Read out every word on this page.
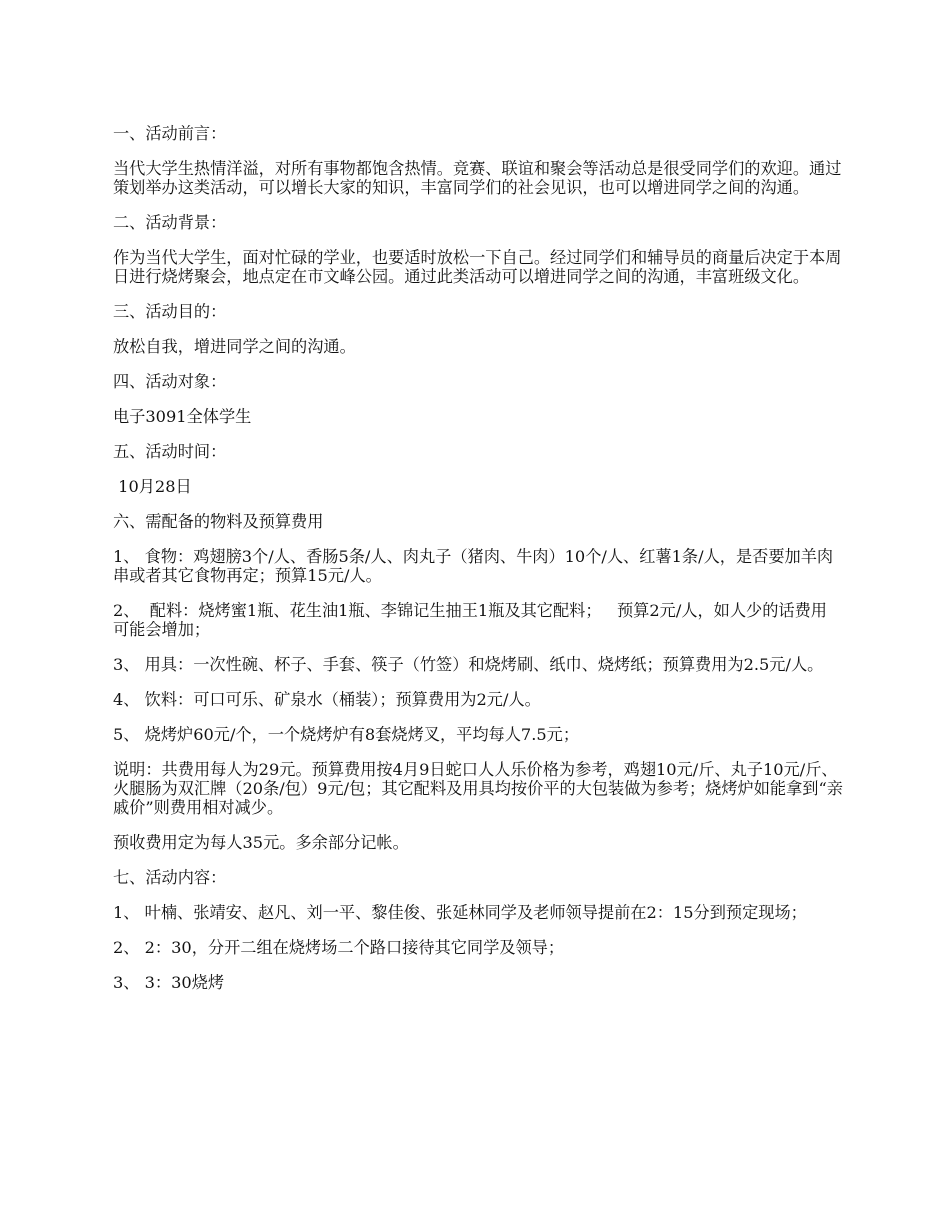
一、活动前言：

当代大学生热情洋溢，对所有事物都饱含热情。竞赛、联谊和聚会等活动总是很受同学们的欢迎。通过策划举办这类活动，可以增长大家的知识，丰富同学们的社会见识，也可以增进同学之间的沟通。

二、活动背景：

作为当代大学生，面对忙碌的学业，也要适时放松一下自己。经过同学们和辅导员的商量后决定于本周日进行烧烤聚会，地点定在市文峰公园。通过此类活动可以增进同学之间的沟通，丰富班级文化。

三、活动目的：

放松自我，增进同学之间的沟通。

四、活动对象：

电子3091全体学生

五、活动时间：

10月28日

六、需配备的物料及预算费用

1、 食物：鸡翅膀3个/人、香肠5条/人、肉丸子（猪肉、牛肉）10个/人、红薯1条/人，是否要加羊肉串或者其它食物再定；预算15元/人。

2、  配料：烧烤蜜1瓶、花生油1瓶、李锦记生抽王1瓶及其它配料；   预算2元/人，如人少的话费用可能会增加；

3、 用具：一次性碗、杯子、手套、筷子（竹签）和烧烤刷、纸巾、烧烤纸；预算费用为2.5元/人。

4、 饮料：可口可乐、矿泉水（桶装）；预算费用为2元/人。

5、 烧烤炉60元/个，一个烧烤炉有8套烧烤叉，平均每人7.5元；

说明：共费用每人为29元。预算费用按4月9日蛇口人人乐价格为参考，鸡翅10元/斤、丸子10元/斤、火腿肠为双汇牌（20条/包）9元/包；其它配料及用具均按价平的大包装做为参考；烧烤炉如能拿到“亲戚价”则费用相对减少。

预收费用定为每人35元。多余部分记帐。

七、活动内容：

1、 叶楠、张靖安、赵凡、刘一平、黎佳俊、张延林同学及老师领导提前在2：15分到预定现场；

2、 2：30，分开二组在烧烤场二个路口接待其它同学及领导；

3、 3：30烧烤
